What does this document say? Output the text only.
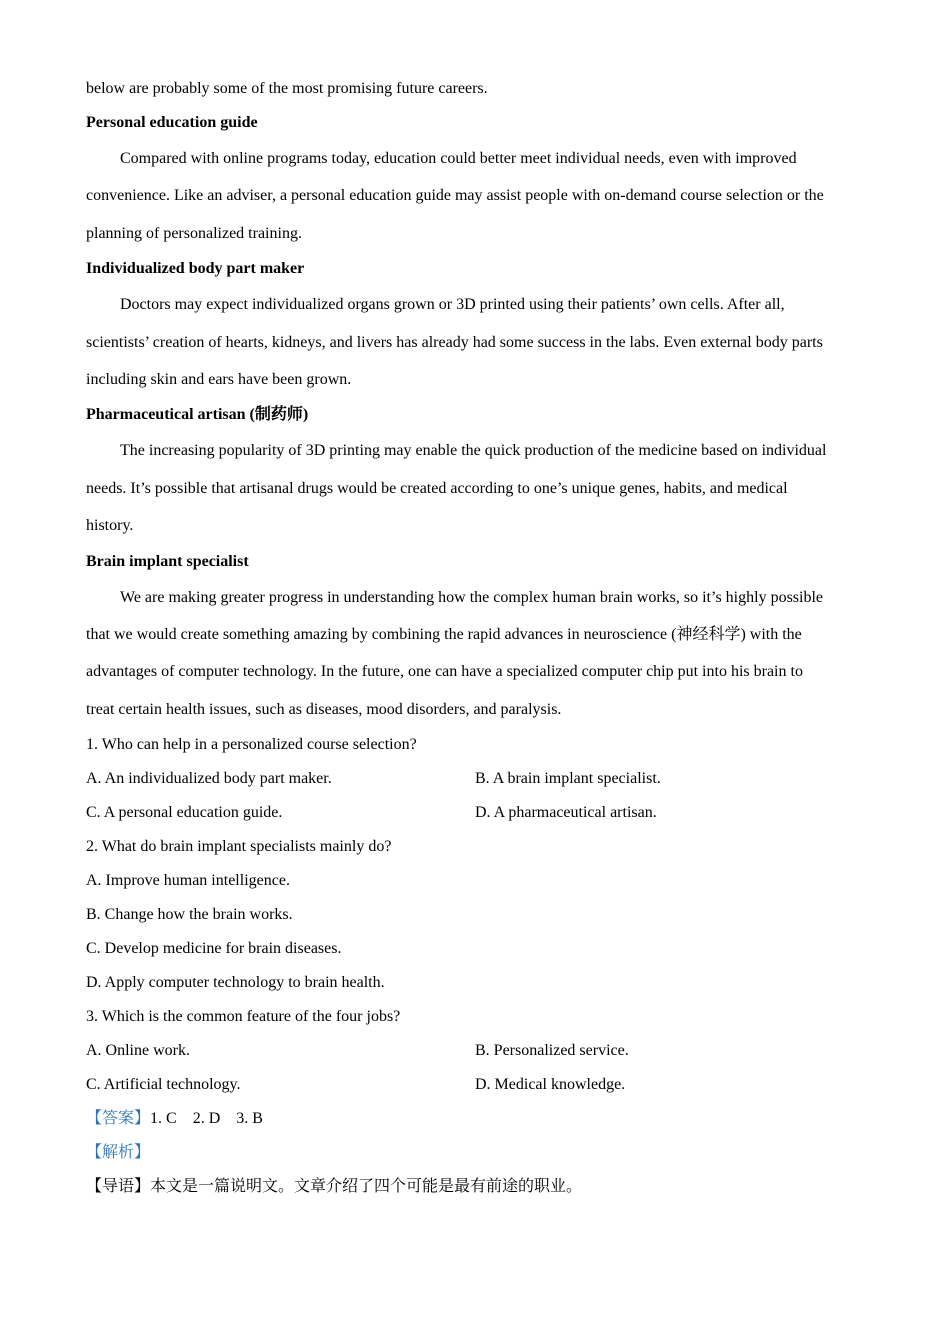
below are probably some of the most promising future careers.
Personal education guide
Compared with online programs today, education could better meet individual needs, even with improved
convenience. Like an adviser, a personal education guide may assist people with on-demand course selection or the
planning of personalized training.
Individualized body part maker
Doctors may expect individualized organs grown or 3D printed using their patients’ own cells. After all,
scientists’ creation of hearts, kidneys, and livers has already had some success in the labs. Even external body parts
including skin and ears have been grown.
Pharmaceutical artisan (制药师)
The increasing popularity of 3D printing may enable the quick production of the medicine based on individual
needs. It’s possible that artisanal drugs would be created according to one’s unique genes, habits, and medical
history.
Brain implant specialist
We are making greater progress in understanding how the complex human brain works, so it’s highly possible
that we would create something amazing by combining the rapid advances in neuroscience (神经科学) with the
advantages of computer technology. In the future, one can have a specialized computer chip put into his brain to
treat certain health issues, such as diseases, mood disorders, and paralysis.
1. Who can help in a personalized course selection?
A. An individualized body part maker.	B. A brain implant specialist.
C. A personal education guide.	D. A pharmaceutical artisan.
2. What do brain implant specialists mainly do?
A. Improve human intelligence.
B. Change how the brain works.
C. Develop medicine for brain diseases.
D. Apply computer technology to brain health.
3. Which is the common feature of the four jobs?
A. Online work.	B. Personalized service.
C. Artificial technology.	D. Medical knowledge.
【答案】1. C    2. D    3. B
【解析】
【导语】本文是一篇说明文。文章介绍了四个可能是最有前途的职业。
